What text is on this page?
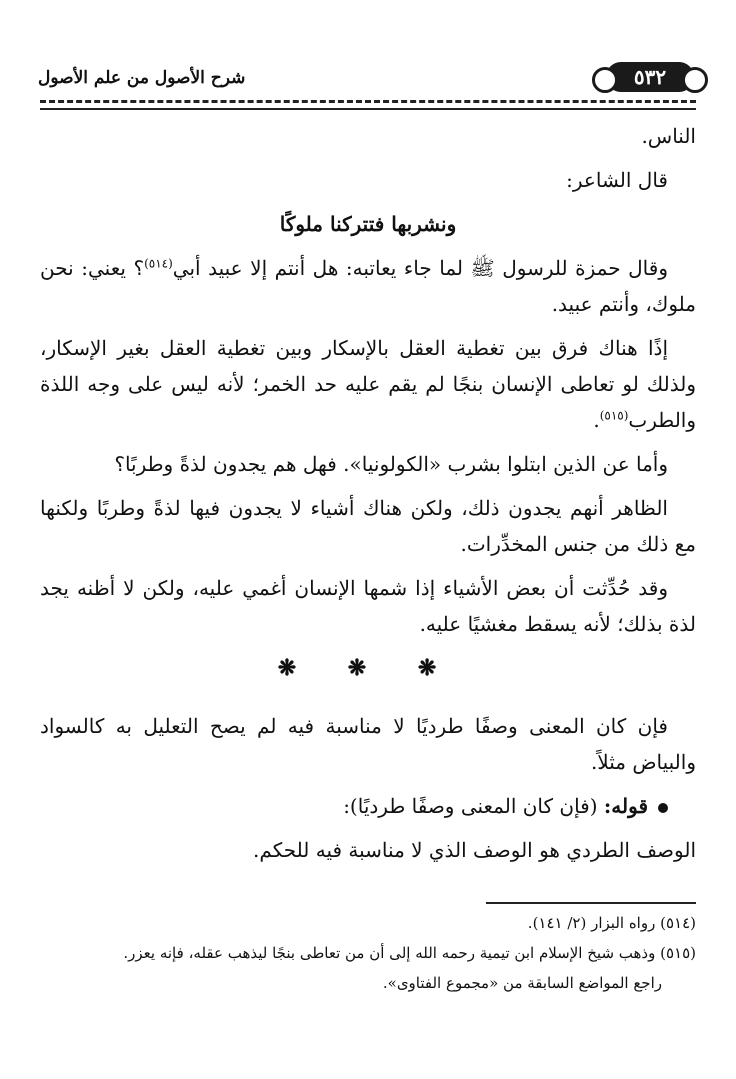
٥٣٢
شرح الأصول من علم الأصول

الناس.

قال الشاعر:

ونشربها فتتركنا ملوكًا

وقال حمزة للرسول ﷺ لما جاء يعاتبه: هل أنتم إلا عبيد أبي$^{(٥١٤)}$؟ يعني: نحن ملوك، وأنتم عبيد.

إذًا هناك فرق بين تغطية العقل بالإسكار وبين تغطية العقل بغير الإسكار، ولذلك لو تعاطى الإنسان بنجًا لم يقم عليه حد الخمر؛ لأنه ليس على وجه اللذة والطرب$^{(٥١٥)}$.

وأما عن الذين ابتلوا بشرب «الكولونيا». فهل هم يجدون لذةً وطربًا؟

الظاهر أنهم يجدون ذلك، ولكن هناك أشياء لا يجدون فيها لذةً وطربًا ولكنها مع ذلك من جنس المخدِّرات.

وقد حُدِّثت أن بعض الأشياء إذا شمها الإنسان أغمي عليه، ولكن لا أظنه يجد لذة بذلك؛ لأنه يسقط مغشيًا عليه.

❋ ❋ ❋

فإن كان المعنى وصفًا طرديًا لا مناسبة فيه لم يصح التعليل به كالسواد والبياض مثلاً.

قوله: (فإن كان المعنى وصفًا طرديًا):

الوصف الطردي هو الوصف الذي لا مناسبة فيه للحكم.

(٥١٤) رواه البزار (٢/ ١٤١).
(٥١٥) وذهب شيخ الإسلام ابن تيمية رحمه الله إلى أن من تعاطى بنجًا ليذهب عقله، فإنه يعزر.
راجع المواضع السابقة من «مجموع الفتاوى».
